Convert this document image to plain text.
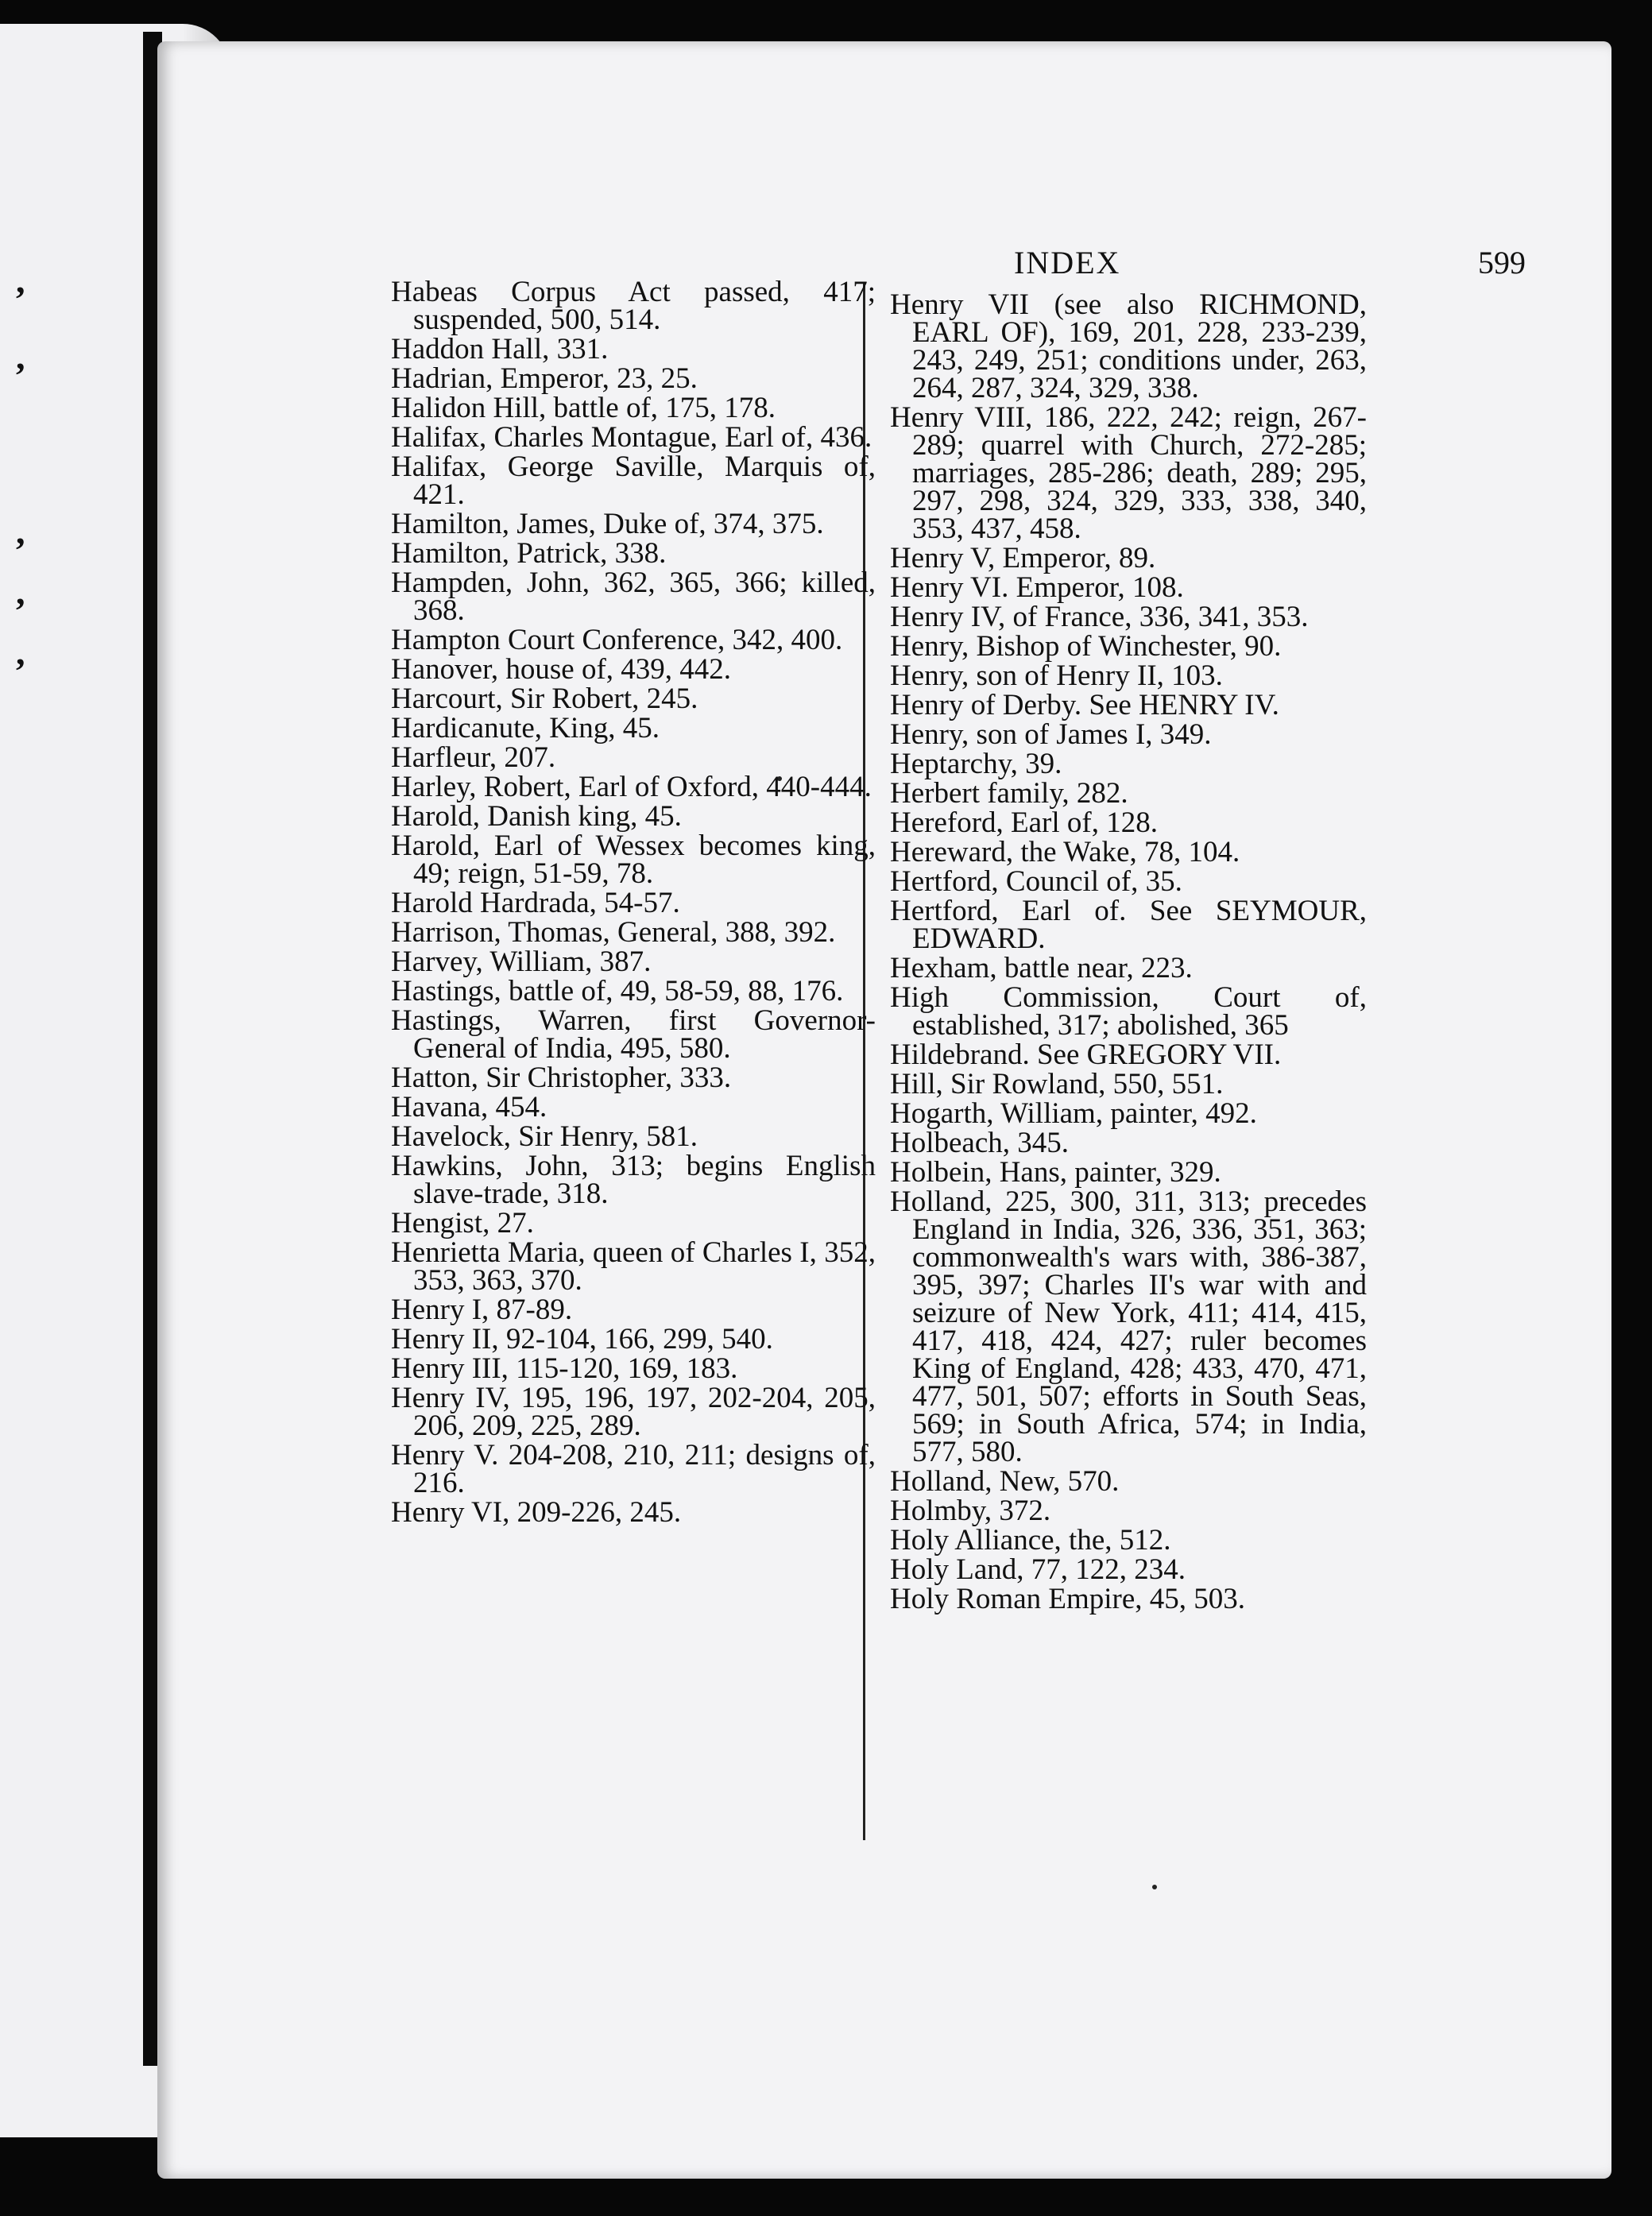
,
,
,
,
,
INDEX	599

Habeas Corpus Act passed, 417; suspended, 500, 514.

Haddon Hall, 331.

Hadrian, Emperor, 23, 25.

Halidon Hill, battle of, 175, 178.

Halifax, Charles Montague, Earl of, 436.

Halifax, George Saville, Marquis of, 421.

Hamilton, James, Duke of, 374, 375.

Hamilton, Patrick, 338.

Hampden, John, 362, 365, 366; killed, 368.

Hampton Court Conference, 342, 400.

Hanover, house of, 439, 442.

Harcourt, Sir Robert, 245.

Hardicanute, King, 45.

Harfleur, 207.

Harley, Robert, Earl of Oxford, 440-444.

Harold, Danish king, 45.

Harold, Earl of Wessex becomes king, 49; reign, 51-59, 78.

Harold Hardrada, 54-57.

Harrison, Thomas, General, 388, 392.

Harvey, William, 387.

Hastings, battle of, 49, 58-59, 88, 176.

Hastings, Warren, first Governor-General of India, 495, 580.

Hatton, Sir Christopher, 333.

Havana, 454.

Havelock, Sir Henry, 581.

Hawkins, John, 313; begins English slave-trade, 318.

Hengist, 27.

Henrietta Maria, queen of Charles I, 352, 353, 363, 370.

Henry I, 87-89.

Henry II, 92-104, 166, 299, 540.

Henry III, 115-120, 169, 183.

Henry IV, 195, 196, 197, 202-204, 205, 206, 209, 225, 289.

Henry V. 204-208, 210, 211; designs of, 216.

Henry VI, 209-226, 245.

Henry VII (see also RICHMOND, EARL OF), 169, 201, 228, 233-239, 243, 249, 251; conditions under, 263, 264, 287, 324, 329, 338.

Henry VIII, 186, 222, 242; reign, 267-289; quarrel with Church, 272-285; marriages, 285-286; death, 289; 295, 297, 298, 324, 329, 333, 338, 340, 353, 437, 458.

Henry V, Emperor, 89.

Henry VI. Emperor, 108.

Henry IV, of France, 336, 341, 353.

Henry, Bishop of Winchester, 90.

Henry, son of Henry II, 103.

Henry of Derby. See HENRY IV.

Henry, son of James I, 349.

Heptarchy, 39.

Herbert family, 282.

Hereford, Earl of, 128.

Hereward, the Wake, 78, 104.

Hertford, Council of, 35.

Hertford, Earl of. See SEYMOUR, EDWARD.

Hexham, battle near, 223.

High Commission, Court of, established, 317; abolished, 365

Hildebrand. See GREGORY VII.

Hill, Sir Rowland, 550, 551.

Hogarth, William, painter, 492.

Holbeach, 345.

Holbein, Hans, painter, 329.

Holland, 225, 300, 311, 313; precedes England in India, 326, 336, 351, 363; commonwealth's wars with, 386-387, 395, 397; Charles II's war with and seizure of New York, 411; 414, 415, 417, 418, 424, 427; ruler becomes King of England, 428; 433, 470, 471, 477, 501, 507; efforts in South Seas, 569; in South Africa, 574; in India, 577, 580.

Holland, New, 570.

Holmby, 372.

Holy Alliance, the, 512.

Holy Land, 77, 122, 234.

Holy Roman Empire, 45, 503.
